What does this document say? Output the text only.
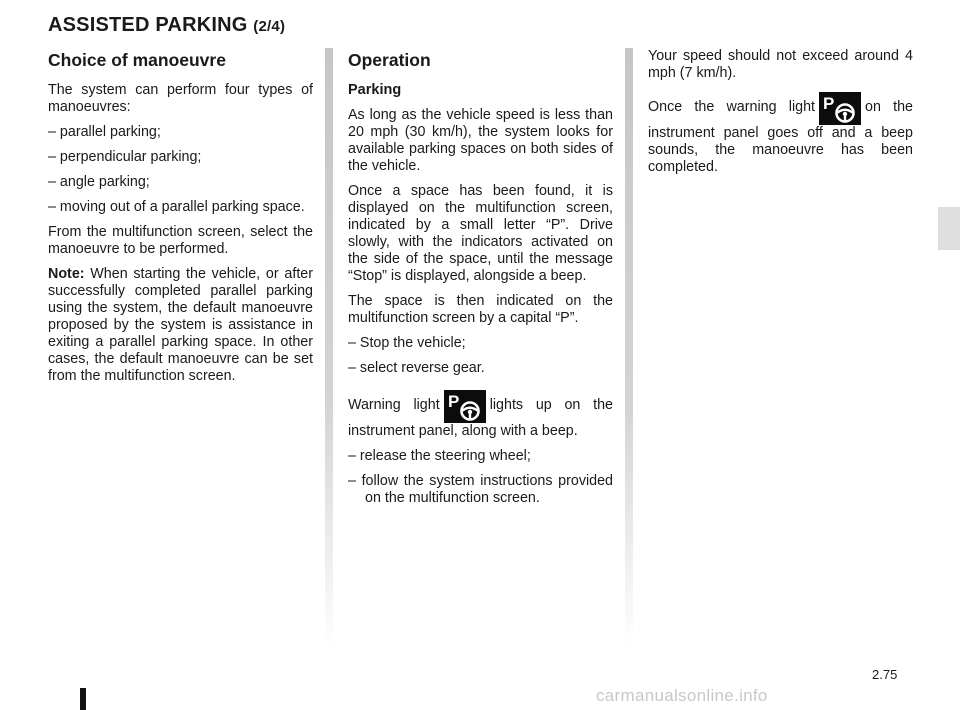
ASSISTED PARKING (2/4)
Choice of manoeuvre

The system can perform four types of manoeuvres:

– parallel parking;
– perpendicular parking;
– angle parking;
– moving out of a parallel parking space.

From the multifunction screen, select the manoeuvre to be performed.

Note: When starting the vehicle, or after successfully completed parallel parking using the system, the default manoeuvre proposed by the system is assistance in exiting a parallel parking space. In other cases, the default manoeuvre can be set from the multifunction screen.

Operation
Parking

As long as the vehicle speed is less than 20 mph (30 km/h), the system looks for available parking spaces on both sides of the vehicle.

Once a space has been found, it is displayed on the multifunction screen, indicated by a small letter “P”. Drive slowly, with the indicators activated on the side of the space, until the message “Stop” is displayed, alongside a beep.

The space is then indicated on the multifunction screen by a capital “P”.

– Stop the vehicle;
– select reverse gear.

Warning light P lights up on the instrument panel, along with a beep.

– release the steering wheel;
– follow the system instructions provided on the multifunction screen.

Your speed should not exceed around 4 mph (7 km/h).

Once the warning light P on the instrument panel goes off and a beep sounds, the manoeuvre has been completed.

2.75
carmanualsonline.info
